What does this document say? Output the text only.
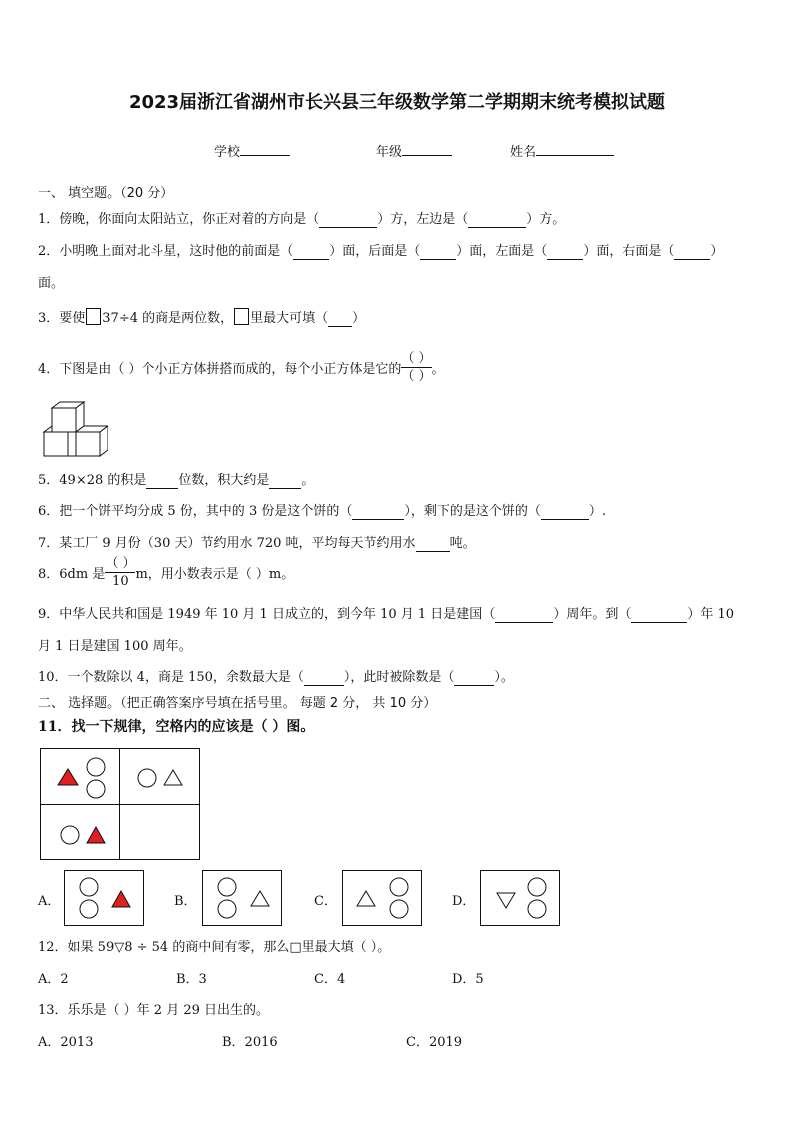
2023届浙江省湖州市长兴县三年级数学第二学期期末统考模拟试题
学校	年级	姓名
一、 填空题。（20 分）
1．傍晚，你面向太阳站立，你正对着的方向是（	）方，左边是（	）方。
2．小明晚上面对北斗星，这时他的前面是（	）面，后面是（	）面，左面是（	）面，右面是（	）
面。
3．要使 37÷4 的商是两位数， 里最大可填（ ）
4．下图是由（ ）个小正方体拼搭而成的，每个小正方体是它的 $\frac{( )}{( )}$ 。
5．49×28 的积是 位数，积大约是 。
6．把一个饼平均分成 5 份，其中的 3 份是这个饼的（	），剩下的是这个饼的（	）.
7．某工厂 9 月份（30 天）节约用水 720 吨，平均每天节约用水	吨。
8．6dm 是 $\frac{( )}{10}$ m，用小数表示是（ ）m。
9．中华人民共和国是 1949 年 10 月 1 日成立的，到今年 10 月 1 日是建国（	）周年。到（	）年 10
月 1 日是建国 100 周年。
10．一个数除以 4，商是 150，余数最大是（	），此时被除数是（	）。
二、 选择题。（把正确答案序号填在括号里。 每题 2 分， 共 10 分）
11．找一下规律，空格内的应该是（ ）图。
A．	B．	C．	D．
12．如果 59▽8 ÷ 54 的商中间有零，那么□里最大填（ ）。
A．2	B．3	C．4	D．5
13．乐乐是（ ）年 2 月 29 日出生的。
A．2013	B．2016	C．2019
